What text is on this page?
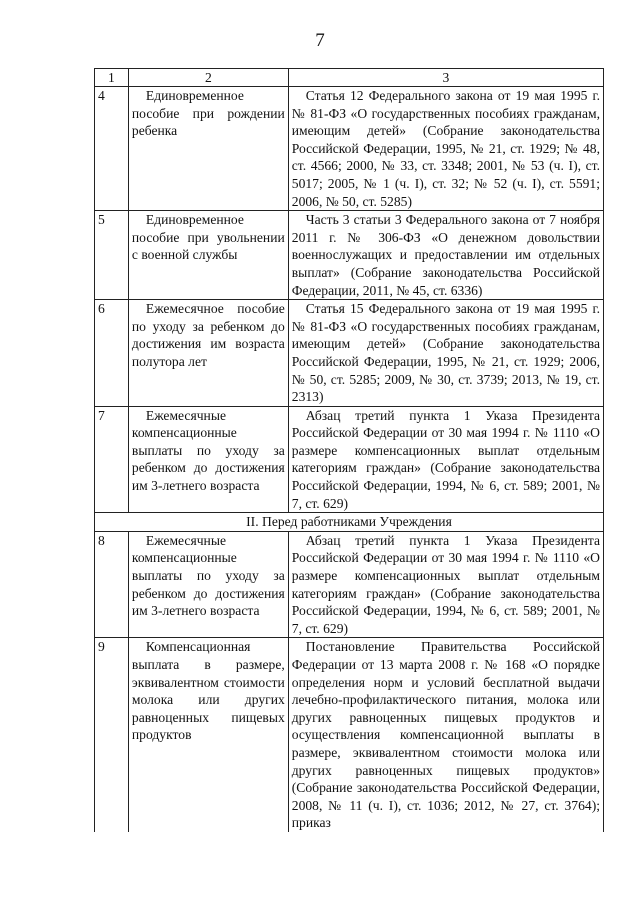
7
1	2	3
4	Единовременное пособие при рождении ребенка	Статья 12 Федерального закона от 19 мая 1995 г. № 81-ФЗ «О государственных пособиях гражданам, имеющим детей» (Собрание законодательства Российской Федерации, 1995, № 21, ст. 1929; № 48, ст. 4566; 2000, № 33, ст. 3348; 2001, № 53 (ч. I), ст. 5017; 2005, № 1 (ч. I), ст. 32; № 52 (ч. I), ст. 5591; 2006, № 50, ст. 5285)
5	Единовременное пособие при увольнении с военной службы	Часть 3 статьи 3 Федерального закона от 7 ноября 2011 г. № 306-ФЗ «О денежном довольствии военнослужащих и предоставлении им отдельных выплат» (Собрание законодательства Российской Федерации, 2011, № 45, ст. 6336)
6	Ежемесячное пособие по уходу за ребенком до достижения им возраста полутора лет	Статья 15 Федерального закона от 19 мая 1995 г. № 81-ФЗ «О государственных пособиях гражданам, имеющим детей» (Собрание законодательства Российской Федерации, 1995, № 21, ст. 1929; 2006, № 50, ст. 5285; 2009, № 30, ст. 3739; 2013, № 19, ст. 2313)
7	Ежемесячные компенсационные выплаты по уходу за ребенком до достижения им 3-летнего возраста	Абзац третий пункта 1 Указа Президента Российской Федерации от 30 мая 1994 г. № 1110 «О размере компенсационных выплат отдельным категориям граждан» (Собрание законодательства Российской Федерации, 1994, № 6, ст. 589; 2001, № 7, ст. 629)
II. Перед работниками Учреждения		
8	Ежемесячные компенсационные выплаты по уходу за ребенком до достижения им 3-летнего возраста	Абзац третий пункта 1 Указа Президента Российской Федерации от 30 мая 1994 г. № 1110 «О размере компенсационных выплат отдельным категориям граждан» (Собрание законодательства Российской Федерации, 1994, № 6, ст. 589; 2001, № 7, ст. 629)
9	Компенсационная выплата в размере, эквивалентном стоимости молока или других равноценных пищевых продуктов	Постановление Правительства Российской Федерации от 13 марта 2008 г. № 168 «О порядке определения норм и условий бесплатной выдачи лечебно-профилактического питания, молока или других равноценных пищевых продуктов и осуществления компенсационной выплаты в размере, эквивалентном стоимости молока или других равноценных пищевых продуктов» (Собрание законодательства Российской Федерации, 2008, № 11 (ч. I), ст. 1036; 2012, № 27, ст. 3764); приказ
